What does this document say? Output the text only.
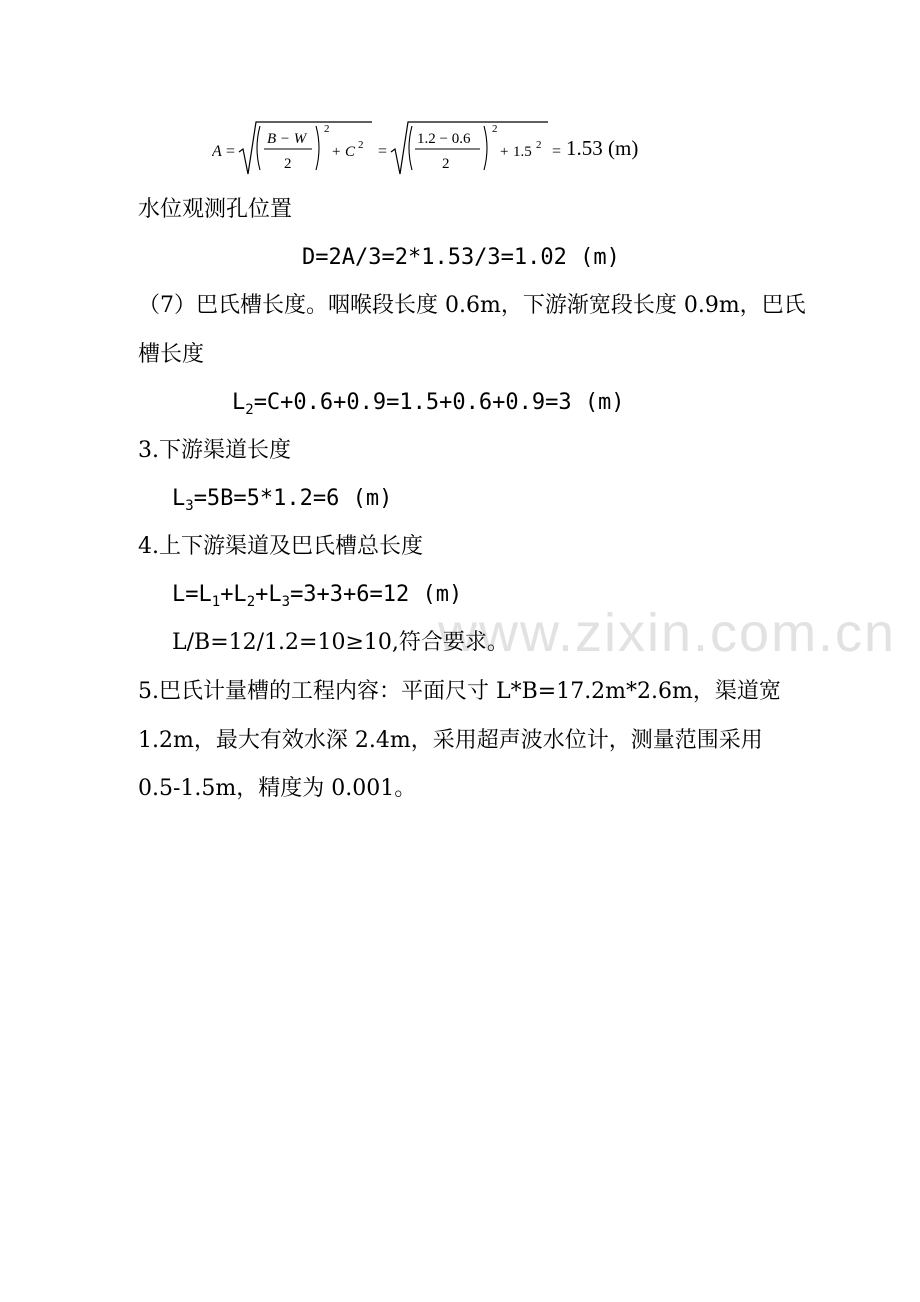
www.zixin.com.cn
A =
B − W
2
2
+ C 2 =
1.2 − 0.6
2
2
+ 1.5 2 = 1.53 (m)
水位观测孔位置
D=2A/3=2*1.53/3=1.02 (m)
（7）巴氏槽长度。咽喉段长度 0.6m，下游渐宽段长度 0.9m，巴氏
槽长度
$L_2=C+0.6+0.9=1.5+0.6+0.9=3$ (m)
3.下游渠道长度
$L_3=5B=5*1.2=6$ (m)
4.上下游渠道及巴氏槽总长度
$L=L_1+L_2+L_3=3+3+6=12$ (m)
L/B=12/1.2=10≥10,符合要求。
5.巴氏计量槽的工程内容：平面尺寸 L*B=17.2m*2.6m，渠道宽
1.2m，最大有效水深 2.4m，采用超声波水位计，测量范围采用
0.5-1.5m，精度为 0.001。
